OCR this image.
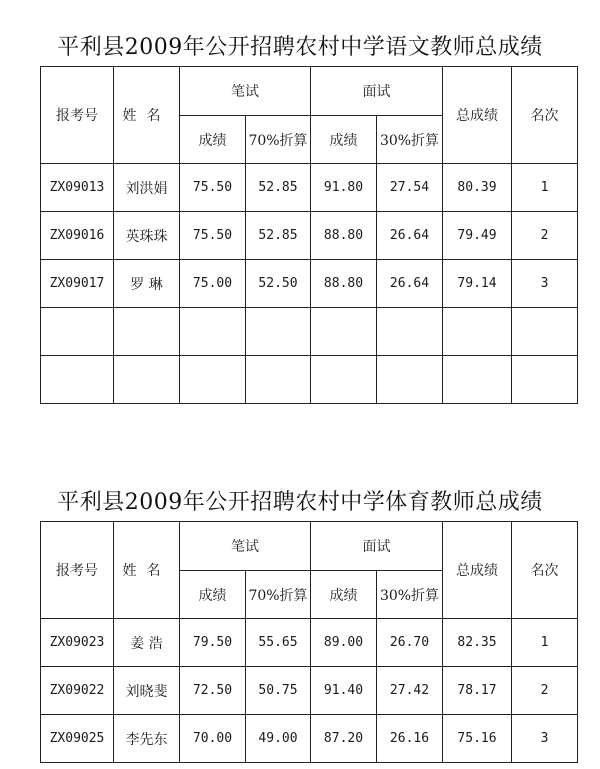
平利县2009年公开招聘农村中学语文教师总成绩
报考号	姓名	笔试		面试		总成绩	名次
		成绩	70%折算	成绩	30%折算		
ZX09013	刘洪娟	75.50	52.85	91.80	27.54	80.39	1
ZX09016	英珠珠	75.50	52.85	88.80	26.64	79.49	2
ZX09017	罗 琳	75.00	52.50	88.80	26.64	79.14	3

平利县2009年公开招聘农村中学体育教师总成绩
报考号	姓名	笔试		面试		总成绩	名次
		成绩	70%折算	成绩	30%折算		
ZX09023	姜 浩	79.50	55.65	89.00	26.70	82.35	1
ZX09022	刘晓斐	72.50	50.75	91.40	27.42	78.17	2
ZX09025	李先东	70.00	49.00	87.20	26.16	75.16	3
